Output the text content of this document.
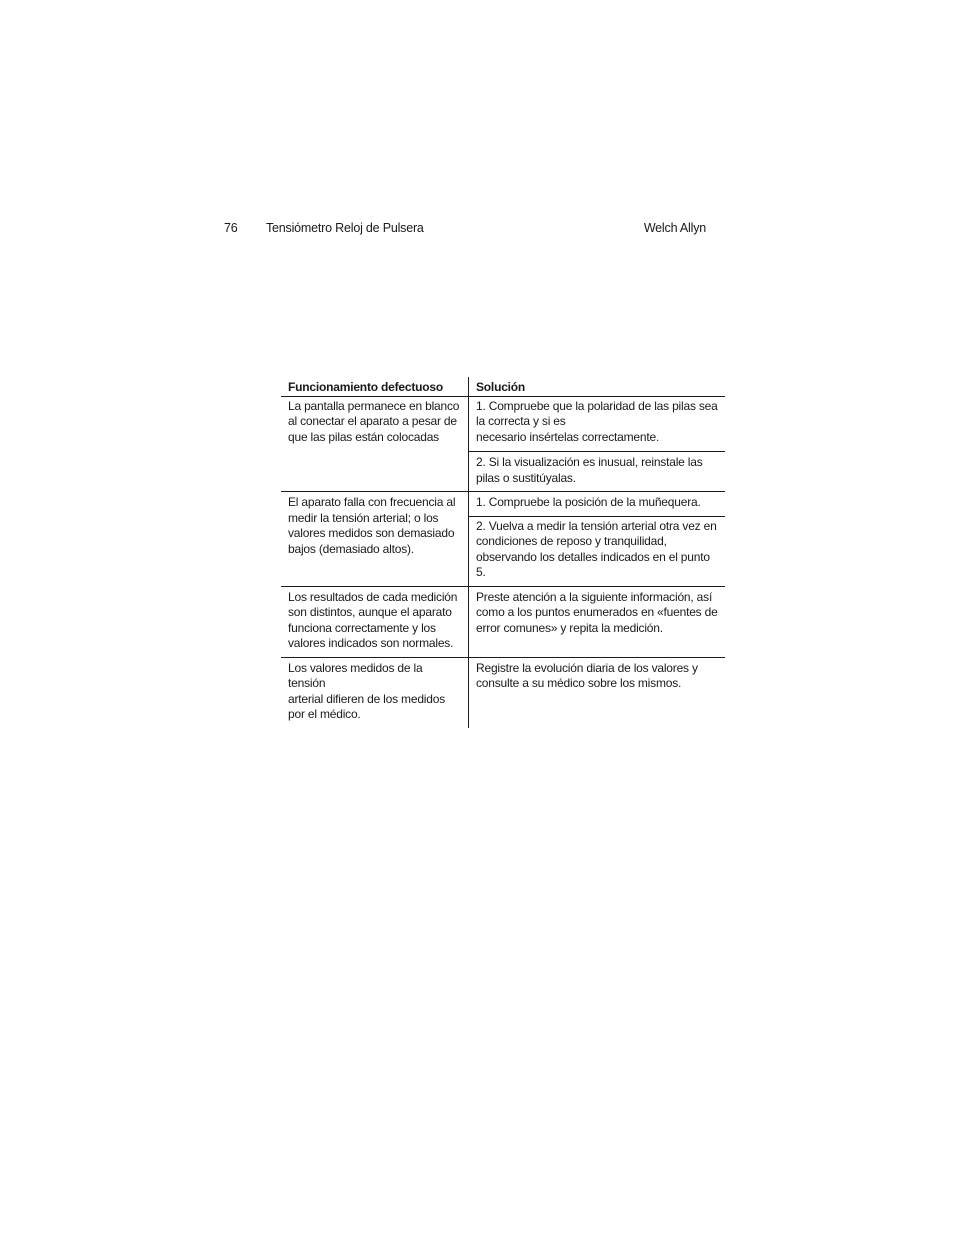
76 Tensiómetro Reloj de Pulsera	Welch Allyn
Funcionamiento defectuoso	Solución

La pantalla permanece en blanco
al conectar el aparato a pesar de
que las pilas están colocadas	1. Compruebe que la polaridad de las pilas sea
la correcta y si es
necesario insértelas correctamente.

	2. Si la visualización es inusual, reinstale las
pilas o sustitúyalas.

El aparato falla con frecuencia al
medir la tensión arterial; o los
valores medidos son demasiado
bajos (demasiado altos).	1. Compruebe la posición de la muñequera.

	2. Vuelva a medir la tensión arterial otra vez en
condiciones de reposo y tranquilidad,
observando los detalles indicados en el punto 5.

Los resultados de cada medición
son distintos, aunque el aparato
funciona correctamente y los
valores indicados son normales.	Preste atención a la siguiente información, así
como a los puntos enumerados en «fuentes de
error comunes» y repita la medición.

Los valores medidos de la tensión
arterial difieren de los medidos
por el médico.	Registre la evolución diaria de los valores y
consulte a su médico sobre los mismos.
